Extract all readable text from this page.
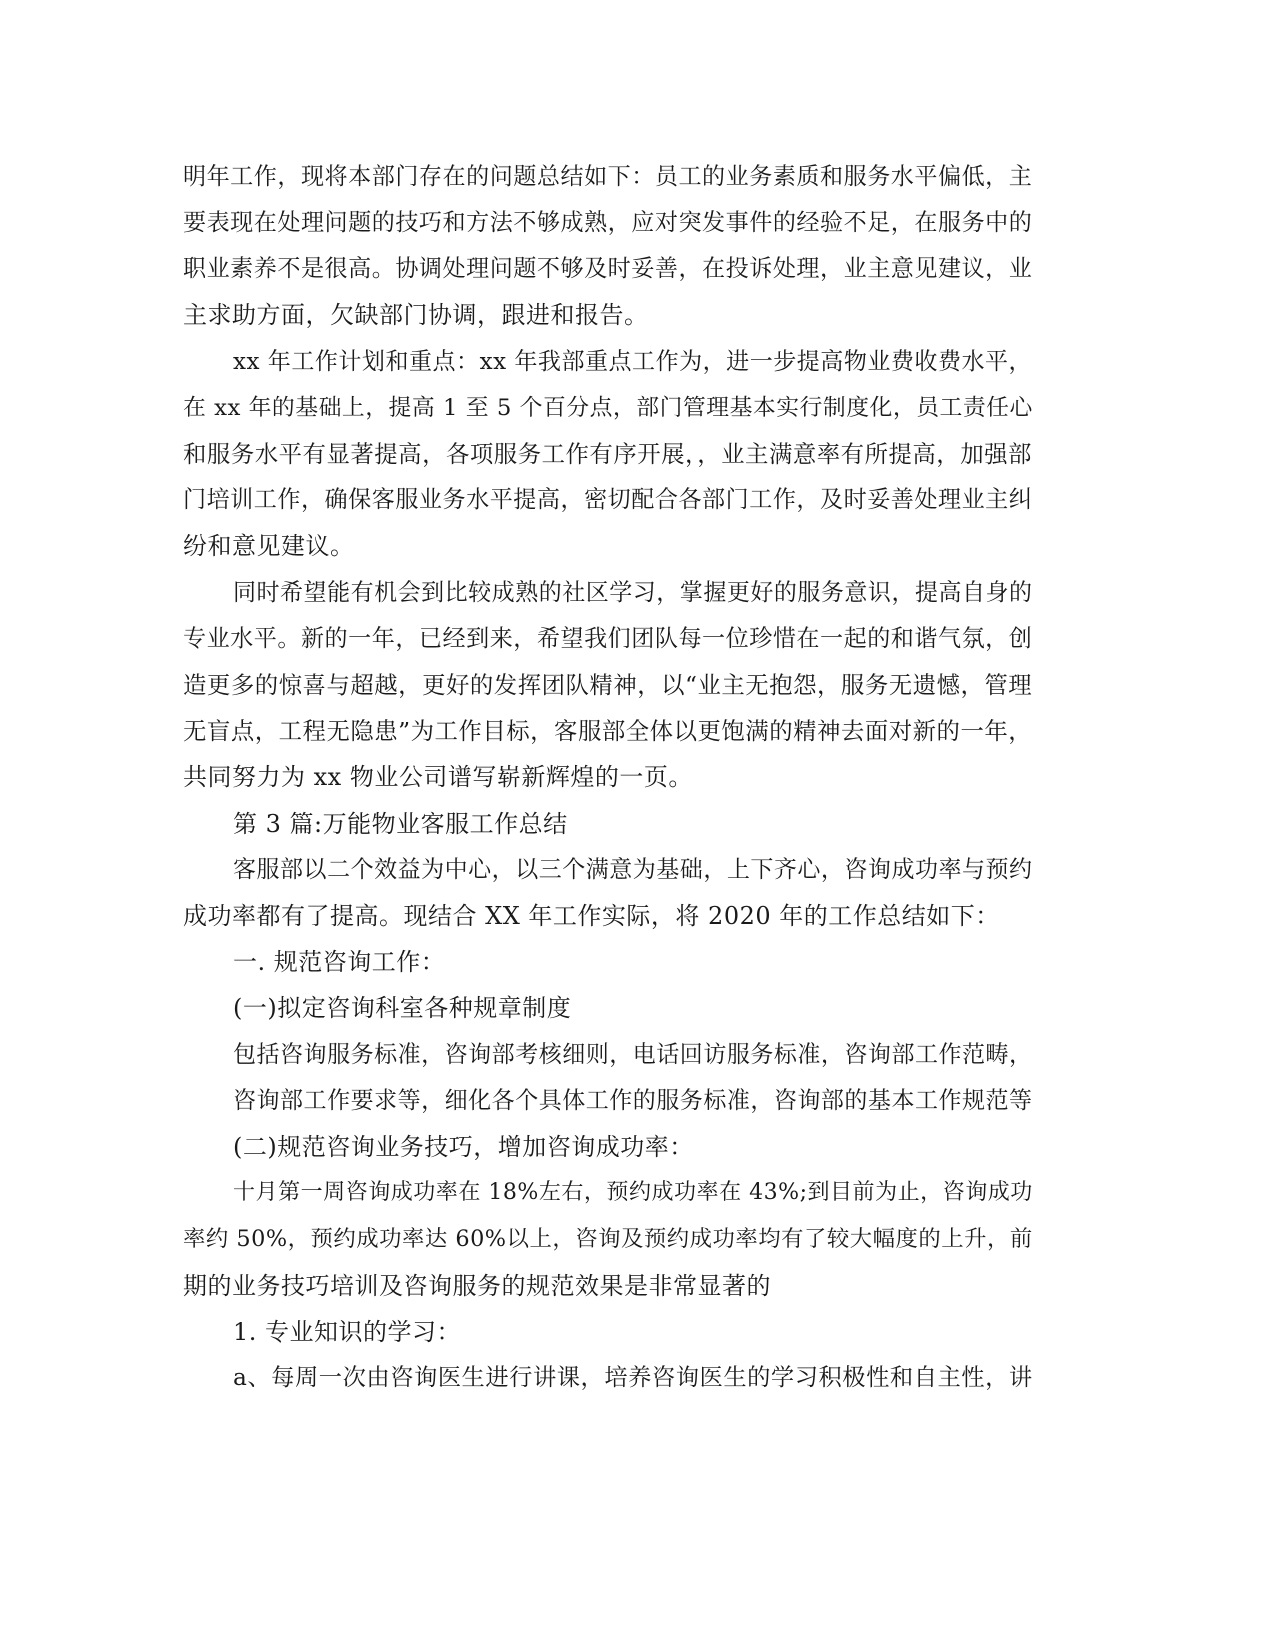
明年工作，现将本部门存在的问题总结如下：员工的业务素质和服务水平偏低，主
要表现在处理问题的技巧和方法不够成熟，应对突发事件的经验不足，在服务中的
职业素养不是很高。协调处理问题不够及时妥善，在投诉处理，业主意见建议，业
主求助方面，欠缺部门协调，跟进和报告。
xx 年工作计划和重点：xx 年我部重点工作为，进一步提高物业费收费水平，
在 xx 年的基础上，提高 1 至 5 个百分点，部门管理基本实行制度化，员工责任心
和服务水平有显著提高，各项服务工作有序开展，，业主满意率有所提高，加强部
门培训工作，确保客服业务水平提高，密切配合各部门工作，及时妥善处理业主纠
纷和意见建议。
同时希望能有机会到比较成熟的社区学习，掌握更好的服务意识，提高自身的
专业水平。新的一年，已经到来，希望我们团队每一位珍惜在一起的和谐气氛，创
造更多的惊喜与超越，更好的发挥团队精神，以“业主无抱怨，服务无遗憾，管理
无盲点，工程无隐患”为工作目标，客服部全体以更饱满的精神去面对新的一年，
共同努力为 xx 物业公司谱写崭新辉煌的一页。
第 3 篇:万能物业客服工作总结
客服部以二个效益为中心，以三个满意为基础，上下齐心，咨询成功率与预约
成功率都有了提高。现结合 XX 年工作实际，将 2020 年的工作总结如下：
一. 规范咨询工作：
(一)拟定咨询科室各种规章制度
包括咨询服务标准，咨询部考核细则，电话回访服务标准，咨询部工作范畴，
咨询部工作要求等，细化各个具体工作的服务标准，咨询部的基本工作规范等
(二)规范咨询业务技巧，增加咨询成功率：
十月第一周咨询成功率在 18%左右，预约成功率在 43%;到目前为止，咨询成功
率约 50%，预约成功率达 60%以上，咨询及预约成功率均有了较大幅度的上升，前
期的业务技巧培训及咨询服务的规范效果是非常显著的
1. 专业知识的学习：
a、每周一次由咨询医生进行讲课，培养咨询医生的学习积极性和自主性，讲
